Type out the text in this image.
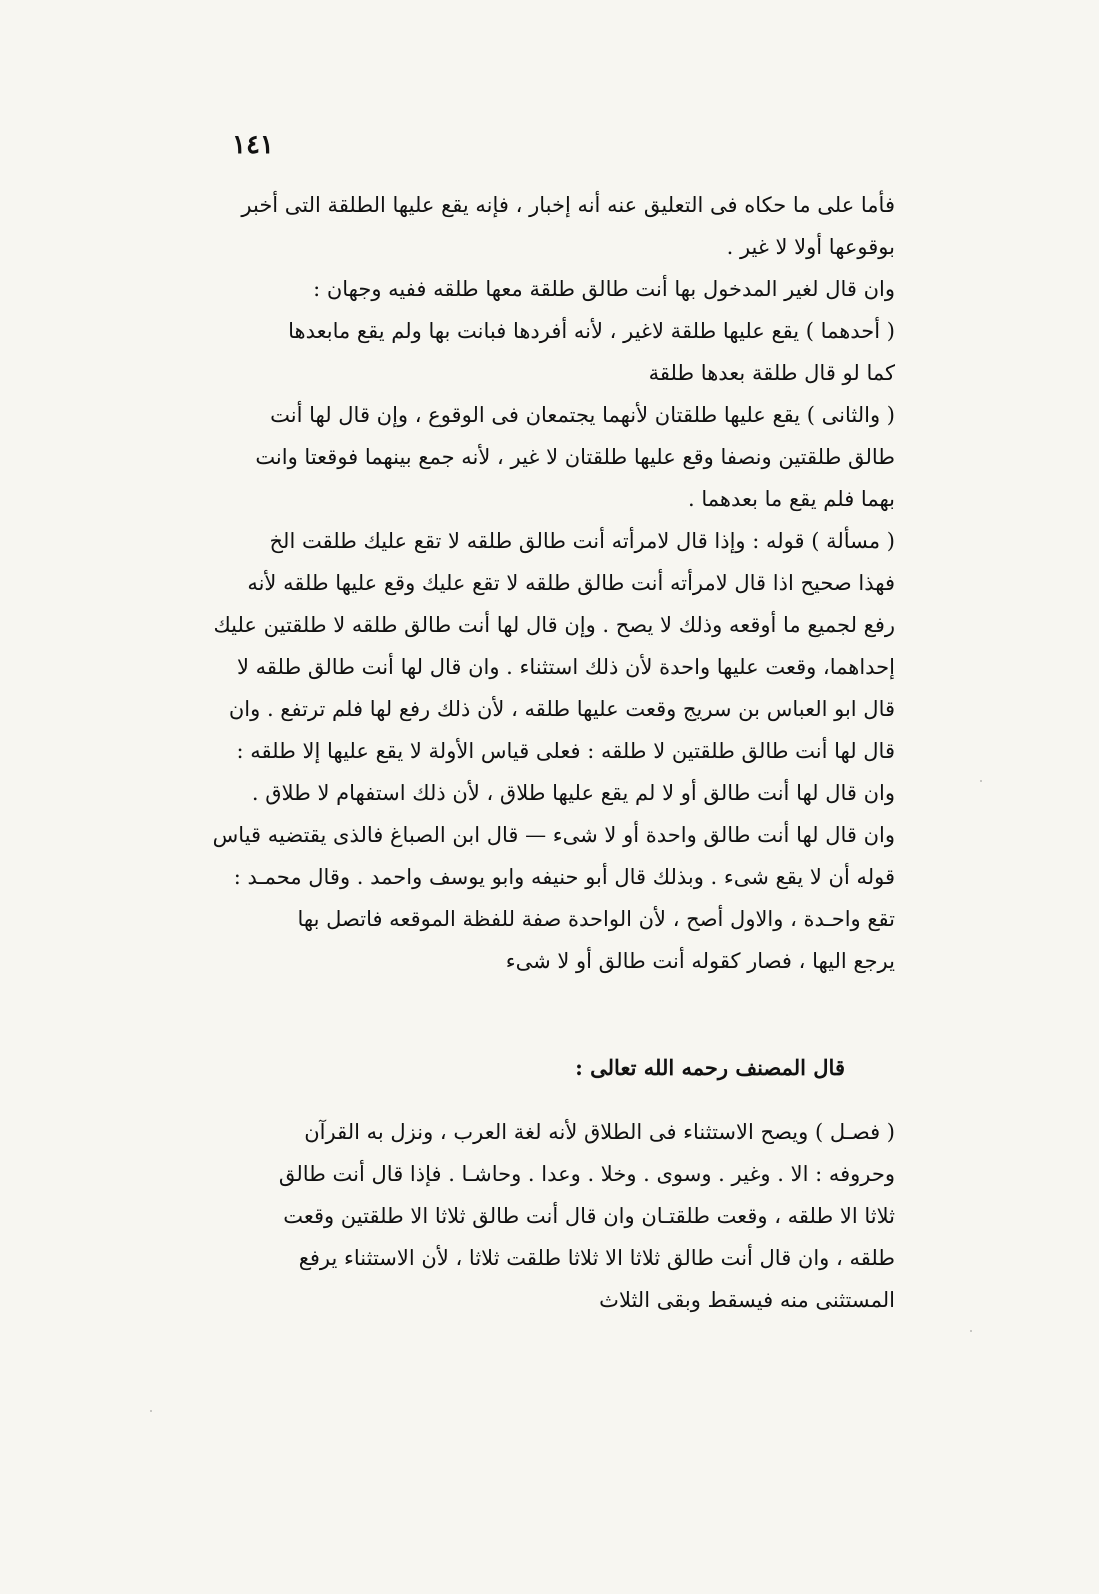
١٤١
فأما على ما حكاه فى التعليق عنه أنه إخبار ، فإنه يقع عليها الطلقة التى أخبر
بوقوعها أولا لا غير .
وان قال لغير المدخول بها أنت طالق طلقة معها طلقه ففيه وجهان :
( أحدهما ) يقع عليها طلقة لاغير ، لأنه أفردها فبانت بها ولم يقع مابعدها
كما لو قال طلقة بعدها طلقة
( والثانى ) يقع عليها طلقتان لأنهما يجتمعان فى الوقوع ، وإن قال لها أنت
طالق طلقتين ونصفا وقع عليها طلقتان لا غير ، لأنه جمع بينهما فوقعتا وانت
بهما فلم يقع ما بعدهما .
( مسألة ) قوله : وإذا قال لامرأته أنت طالق طلقه لا تقع عليك طلقت الخ
فهذا صحيح اذا قال لامرأته أنت طالق طلقه لا تقع عليك وقع عليها طلقه لأنه
رفع لجميع ما أوقعه وذلك لا يصح . وإن قال لها أنت طالق طلقه لا طلقتين عليك
إحداهما، وقعت عليها واحدة لأن ذلك استثناء . وان قال لها أنت طالق طلقه لا
قال ابو العباس بن سريج وقعت عليها طلقه ، لأن ذلك رفع لها فلم ترتفع . وان
قال لها أنت طالق طلقتين لا طلقه : فعلى قياس الأولة لا يقع عليها إلا طلقه :
وان قال لها أنت طالق أو لا لم يقع عليها طلاق ، لأن ذلك استفهام لا طلاق .
وان قال لها أنت طالق واحدة أو لا شىء — قال ابن الصباغ فالذى يقتضيه قياس
قوله أن لا يقع شىء . وبذلك قال أبو حنيفه وابو يوسف واحمد . وقال محمـد :
تقع واحـدة ، والاول أصح ، لأن الواحدة صفة للفظة الموقعه فاتصل بها
يرجع اليها ، فصار كقوله أنت طالق أو لا شىء
قال المصنف رحمه الله تعالى :
( فصـل ) ويصح الاستثناء فى الطلاق لأنه لغة العرب ، ونزل به القرآن
وحروفه : الا . وغير . وسوى . وخلا . وعدا . وحاشـا . فإذا قال أنت طالق
ثلاثا الا طلقه ، وقعت طلقتـان وان قال أنت طالق ثلاثا الا طلقتين وقعت
طلقه ، وان قال أنت طالق ثلاثا الا ثلاثا طلقت ثلاثا ، لأن الاستثناء يرفع
المستثنى منه فيسقط وبقى الثلاث
